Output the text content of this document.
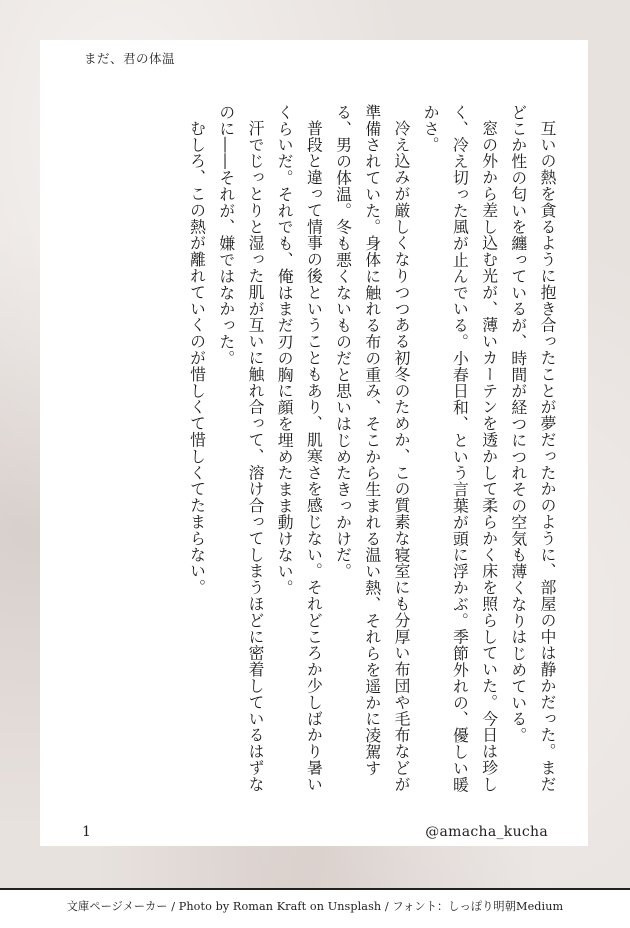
まだ、君の体温

互いの熱を貪るように抱き合ったことが夢だったかのように、部屋の中は静かだった。まだどこか性の匂いを纏っているが、時間が経つにつれその空気も薄くなりはじめている。

窓の外から差し込む光が、薄いカーテンを透かして柔らかく床を照らしていた。今日は珍しく、冷え切った風が止んでいる。小春日和、という言葉が頭に浮かぶ。季節外れの、優しい暖かさ。

冷え込みが厳しくなりつつある初冬のためか、この質素な寝室にも分厚い布団や毛布などが準備されていた。身体に触れる布の重み、そこから生まれる温い熱、それらを遥かに凌駕する、男の体温。冬も悪くないものだと思いはじめたきっかけだ。

普段と違って情事の後ということもあり、肌寒さを感じない。それどころか少しばかり暑いくらいだ。それでも、俺はまだ刃の胸に顔を埋めたまま動けない。

汗でじっとりと湿った肌が互いに触れ合って、溶け合ってしまうほどに密着しているはずなのに――それが、嫌ではなかった。

むしろ、この熱が離れていくのが惜しくて惜しくてたまらない。

1	@amacha_kucha
文庫ページメーカー / Photo by Roman Kraft on Unsplash / フォント：しっぽり明朝Medium
